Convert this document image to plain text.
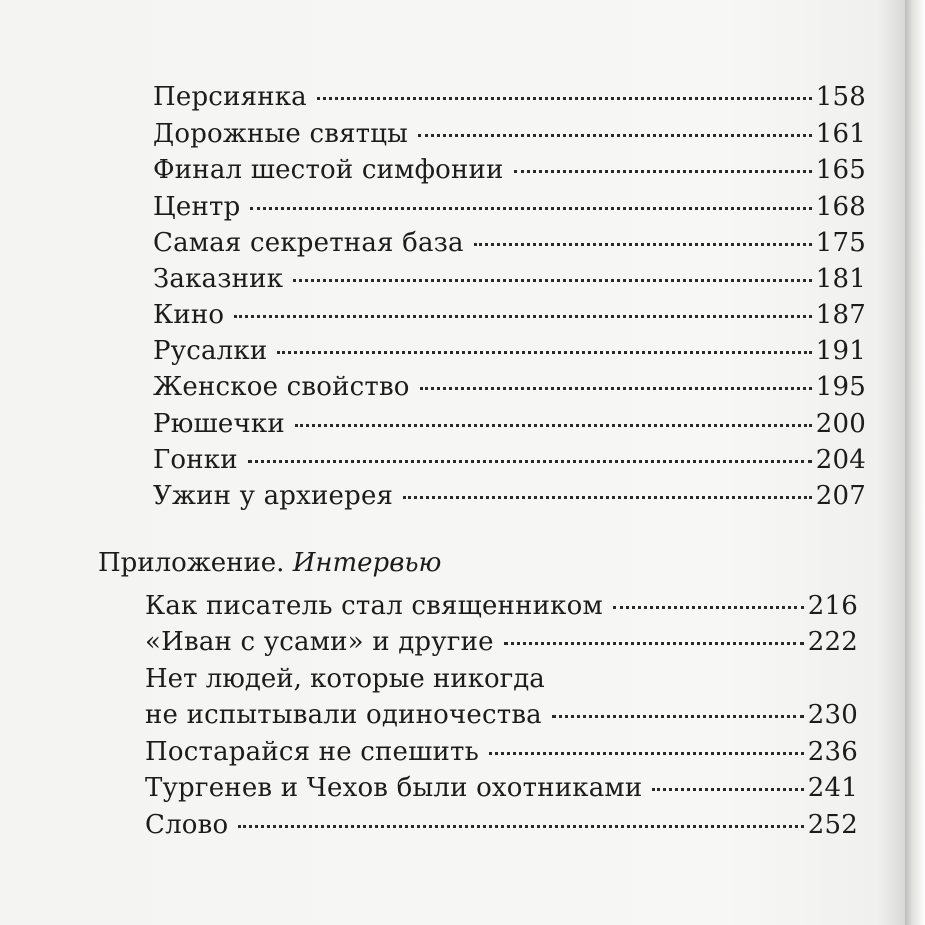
Персиянка	158
Дорожные святцы	161
Финал шестой симфонии	165
Центр	168
Самая секретная база	175
Заказник	181
Кино	187
Русалки	191
Женское свойство	195
Рюшечки	200
Гонки	204
Ужин у архиерея	207
Приложение. Интервью
Как писатель стал священником	216
«Иван с усами» и другие	222
Нет людей, которые никогда
не испытывали одиночества	230
Постарайся не спешить	236
Тургенев и Чехов были охотниками	241
Слово	252
